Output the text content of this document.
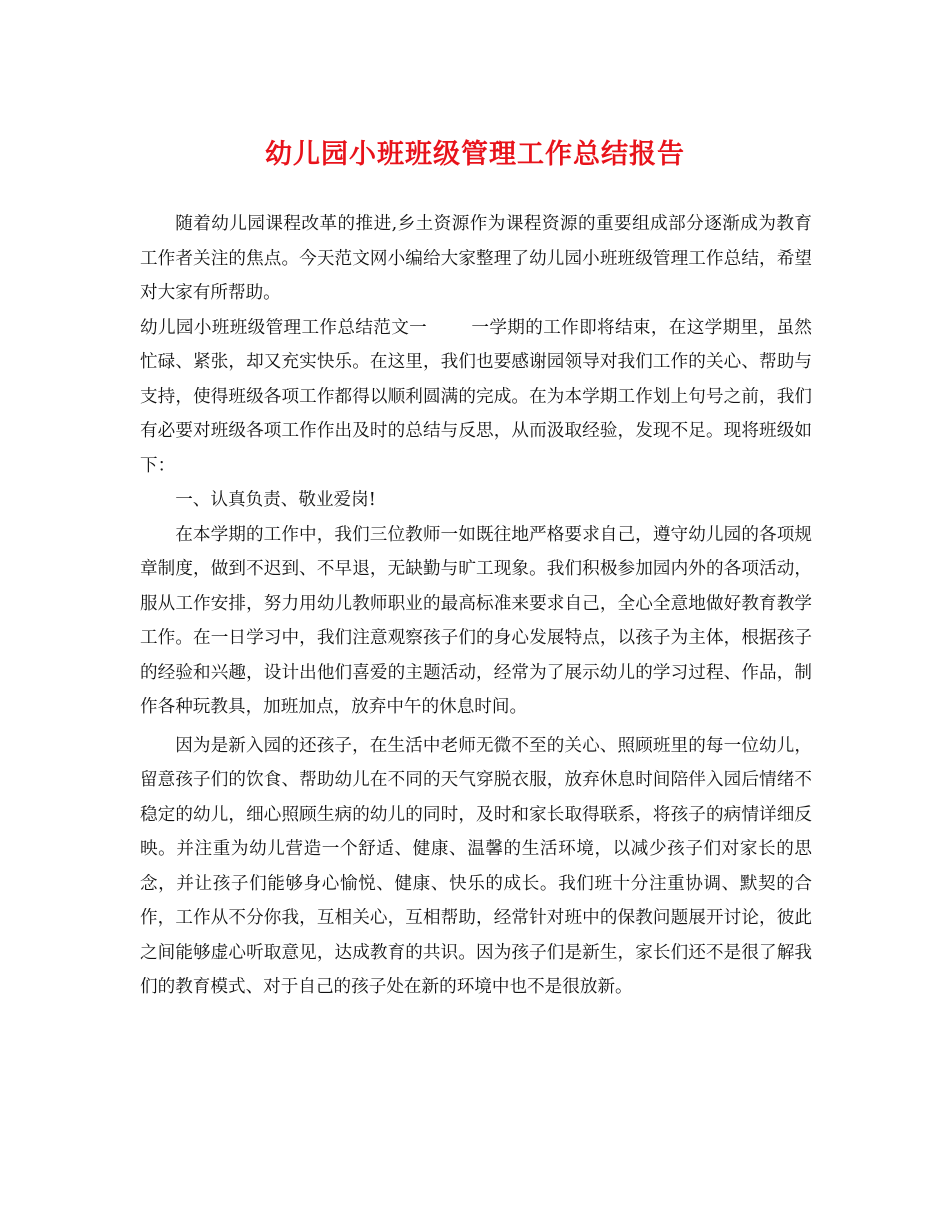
幼儿园小班班级管理工作总结报告

随着幼儿园课程改革的推进,乡土资源作为课程资源的重要组成部分逐渐成为教育工作者关注的焦点。今天范文网小编给大家整理了幼儿园小班班级管理工作总结，希望对大家有所帮助。

幼儿园小班班级管理工作总结范文一	一学期的工作即将结束，在这学期里，虽然忙碌、紧张，却又充实快乐。在这里，我们也要感谢园领导对我们工作的关心、帮助与支持，使得班级各项工作都得以顺利圆满的完成。在为本学期工作划上句号之前，我们有必要对班级各项工作作出及时的总结与反思，从而汲取经验，发现不足。现将班级如下：

一、认真负责、敬业爱岗!

在本学期的工作中，我们三位教师一如既往地严格要求自己，遵守幼儿园的各项规章制度，做到不迟到、不早退，无缺勤与旷工现象。我们积极参加园内外的各项活动，服从工作安排，努力用幼儿教师职业的最高标准来要求自己，全心全意地做好教育教学工作。在一日学习中，我们注意观察孩子们的身心发展特点，以孩子为主体，根据孩子的经验和兴趣，设计出他们喜爱的主题活动，经常为了展示幼儿的学习过程、作品，制作各种玩教具，加班加点，放弃中午的休息时间。

因为是新入园的还孩子，在生活中老师无微不至的关心、照顾班里的每一位幼儿，留意孩子们的饮食、帮助幼儿在不同的天气穿脱衣服，放弃休息时间陪伴入园后情绪不稳定的幼儿，细心照顾生病的幼儿的同时，及时和家长取得联系，将孩子的病情详细反映。并注重为幼儿营造一个舒适、健康、温馨的生活环境，以减少孩子们对家长的思念，并让孩子们能够身心愉悦、健康、快乐的成长。我们班十分注重协调、默契的合作，工作从不分你我，互相关心，互相帮助，经常针对班中的保教问题展开讨论，彼此之间能够虚心听取意见，达成教育的共识。因为孩子们是新生，家长们还不是很了解我们的教育模式、对于自己的孩子处在新的环境中也不是很放新。
